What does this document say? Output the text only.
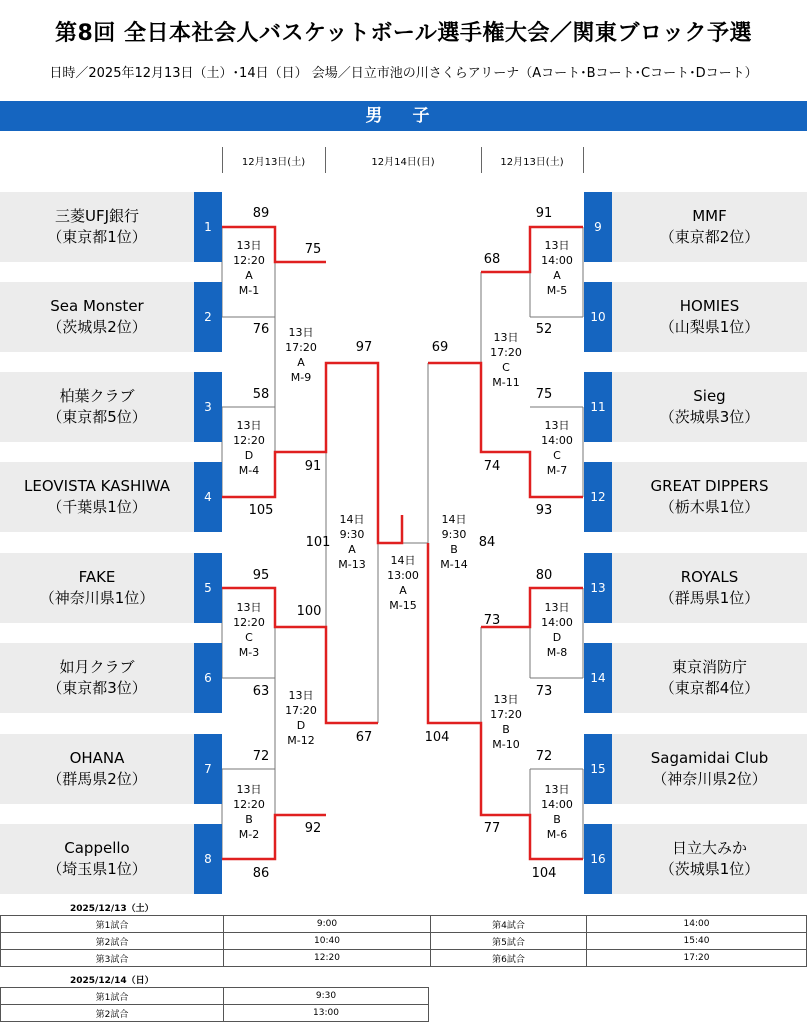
第8回 全日本社会人バスケットボール選手権大会／関東ブロック予選
日時／2025年12月13日（土）･14日（日） 会場／日立市池の川さくらアリーナ（Aコート･Bコート･Cコート･Dコート）
男 子
12月13日(土)	12月14日(日)	12月13日(土)
三菱UFJ銀行
（東京都1位）
1
Sea Monster
（茨城県2位）
2
柏葉クラブ
（東京都5位）
3
LEOVISTA KASHIWA
（千葉県1位）
4
FAKE
（神奈川県1位）
5
如月クラブ
（東京都3位）
6
OHANA
（群馬県2位）
7
Cappello
（埼玉県1位）
8
9
MMF
（東京都2位）
10
HOMIES
（山梨県1位）
11
Sieg
（茨城県3位）
12
GREAT DIPPERS
（栃木県1位）
13
ROYALS
（群馬県1位）
14
東京消防庁
（東京都4位）
15
Sagamidai Club
（神奈川県2位）
16
日立大みか
（茨城県1位）
89
76
58
105
95
63
72
86
91
52
75
93
80
73
72
104
75
91
100
92
68
74
73
77
97
67
69
104
101	84
13日
12:20
A
M-1
13日
12:20
D
M-4
13日
12:20
C
M-3
13日
12:20
B
M-2
13日
17:20
A
M-9
13日
17:20
D
M-12
14日
9:30
A
M-13	14日
13:00
A
M-15
14日
9:30
B
M-14
13日
17:20
C
M-11
13日
17:20
B
M-10
13日
14:00
A
M-5
13日
14:00
C
M-7
13日
14:00
D
M-8
13日
14:00
B
M-6
2025/12/13（土）
第1試合	9:00	第4試合	14:00
第2試合	10:40	第5試合	15:40
第3試合	12:20	第6試合	17:20
2025/12/14（日）
第1試合	9:30
第2試合	13:00
